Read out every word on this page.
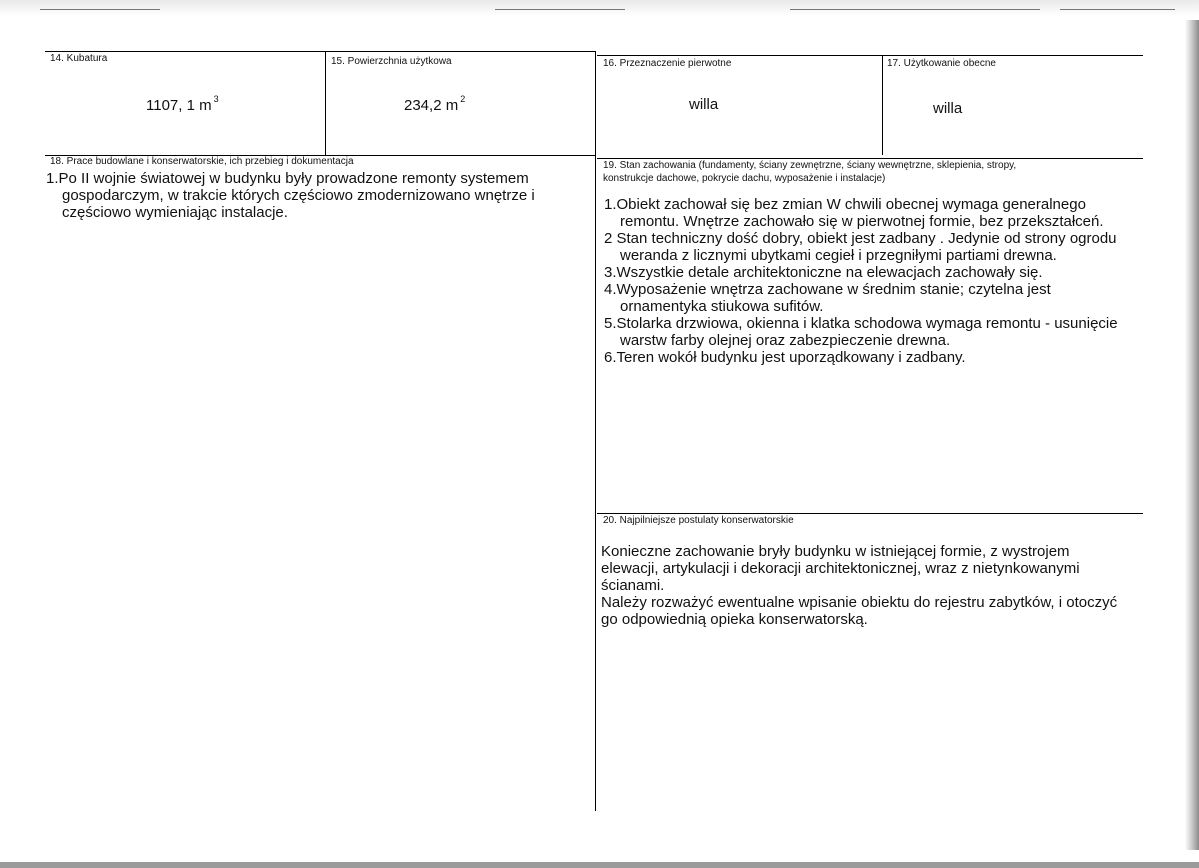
14. Kubatura
1107, 1 m $^3$
15. Powierzchnia użytkowa
234,2 m $^2$
16. Przeznaczenie pierwotne
willa
17. Użytkowanie obecne
willa
18. Prace budowlane i konserwatorskie, ich przebieg i dokumentacja
1.Po II wojnie światowej w budynku były prowadzone remonty systemem gospodarczym, w trakcie których częściowo zmodernizowano wnętrze i częściowo wymieniając instalacje.
19. Stan zachowania (fundamenty, ściany zewnętrzne, ściany wewnętrzne, sklepienia, stropy,
konstrukcje dachowe, pokrycie dachu, wyposażenie i instalacje)

1.Obiekt zachował się bez zmian W chwili obecnej wymaga generalnego remontu. Wnętrze zachowało się w pierwotnej formie, bez przekształceń.

2 Stan techniczny dość dobry, obiekt jest zadbany . Jedynie od strony ogrodu weranda z licznymi ubytkami cegieł i przegniłymi partiami drewna.

3.Wszystkie detale architektoniczne na elewacjach zachowały się.

4.Wyposażenie wnętrza zachowane w średnim stanie; czytelna jest ornamentyka stiukowa sufitów.

5.Stolarka drzwiowa, okienna i klatka schodowa wymaga remontu - usunięcie warstw farby olejnej oraz zabezpieczenie drewna.

6.Teren wokół budynku jest uporządkowany i zadbany.

20. Najpilniejsze postulaty konserwatorskie

Konieczne zachowanie bryły budynku w istniejącej formie, z wystrojem elewacji, artykulacji i dekoracji architektonicznej, wraz z nietynkowanymi ścianami.

Należy rozważyć ewentualne wpisanie obiektu do rejestru zabytków, i otoczyć go odpowiednią opieka konserwatorską.
